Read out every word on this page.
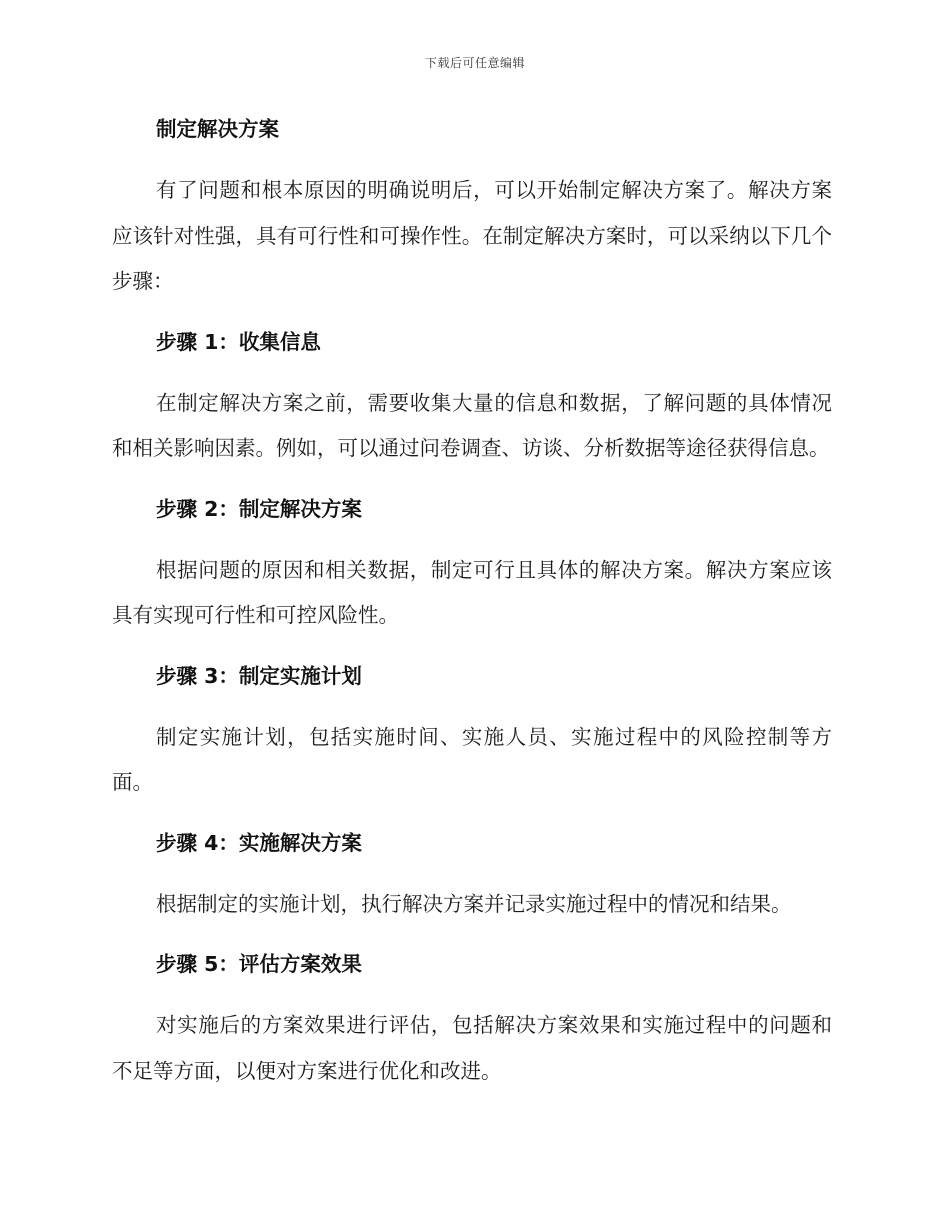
下载后可任意编辑
制定解决方案

有了问题和根本原因的明确说明后，可以开始制定解决方案了。解决方案应该针对性强，具有可行性和可操作性。在制定解决方案时，可以采纳以下几个步骤：

步骤 1：收集信息

在制定解决方案之前，需要收集大量的信息和数据，了解问题的具体情况和相关影响因素。例如，可以通过问卷调查、访谈、分析数据等途径获得信息。

步骤 2：制定解决方案

根据问题的原因和相关数据，制定可行且具体的解决方案。解决方案应该具有实现可行性和可控风险性。

步骤 3：制定实施计划

制定实施计划，包括实施时间、实施人员、实施过程中的风险控制等方面。

步骤 4：实施解决方案

根据制定的实施计划，执行解决方案并记录实施过程中的情况和结果。

步骤 5：评估方案效果

对实施后的方案效果进行评估，包括解决方案效果和实施过程中的问题和不足等方面，以便对方案进行优化和改进。
